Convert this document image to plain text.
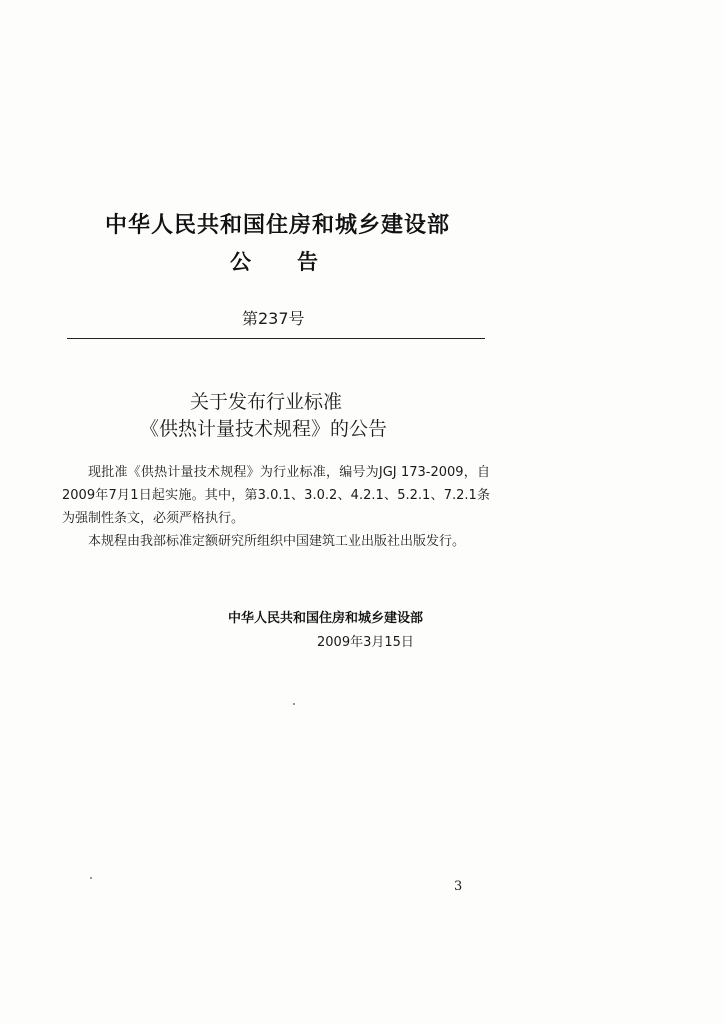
中华人民共和国住房和城乡建设部
公告
第237号
关于发布行业标准
《供热计量技术规程》的公告

现批准《供热计量技术规程》为行业标准，编号为JGJ 173-2009，自2009年7月1日起实施。其中，第3.0.1、3.0.2、4.2.1、5.2.1、7.2.1条为强制性条文，必须严格执行。

本规程由我部标准定额研究所组织中国建筑工业出版社出版发行。

中华人民共和国住房和城乡建设部
2009年3月15日
3
